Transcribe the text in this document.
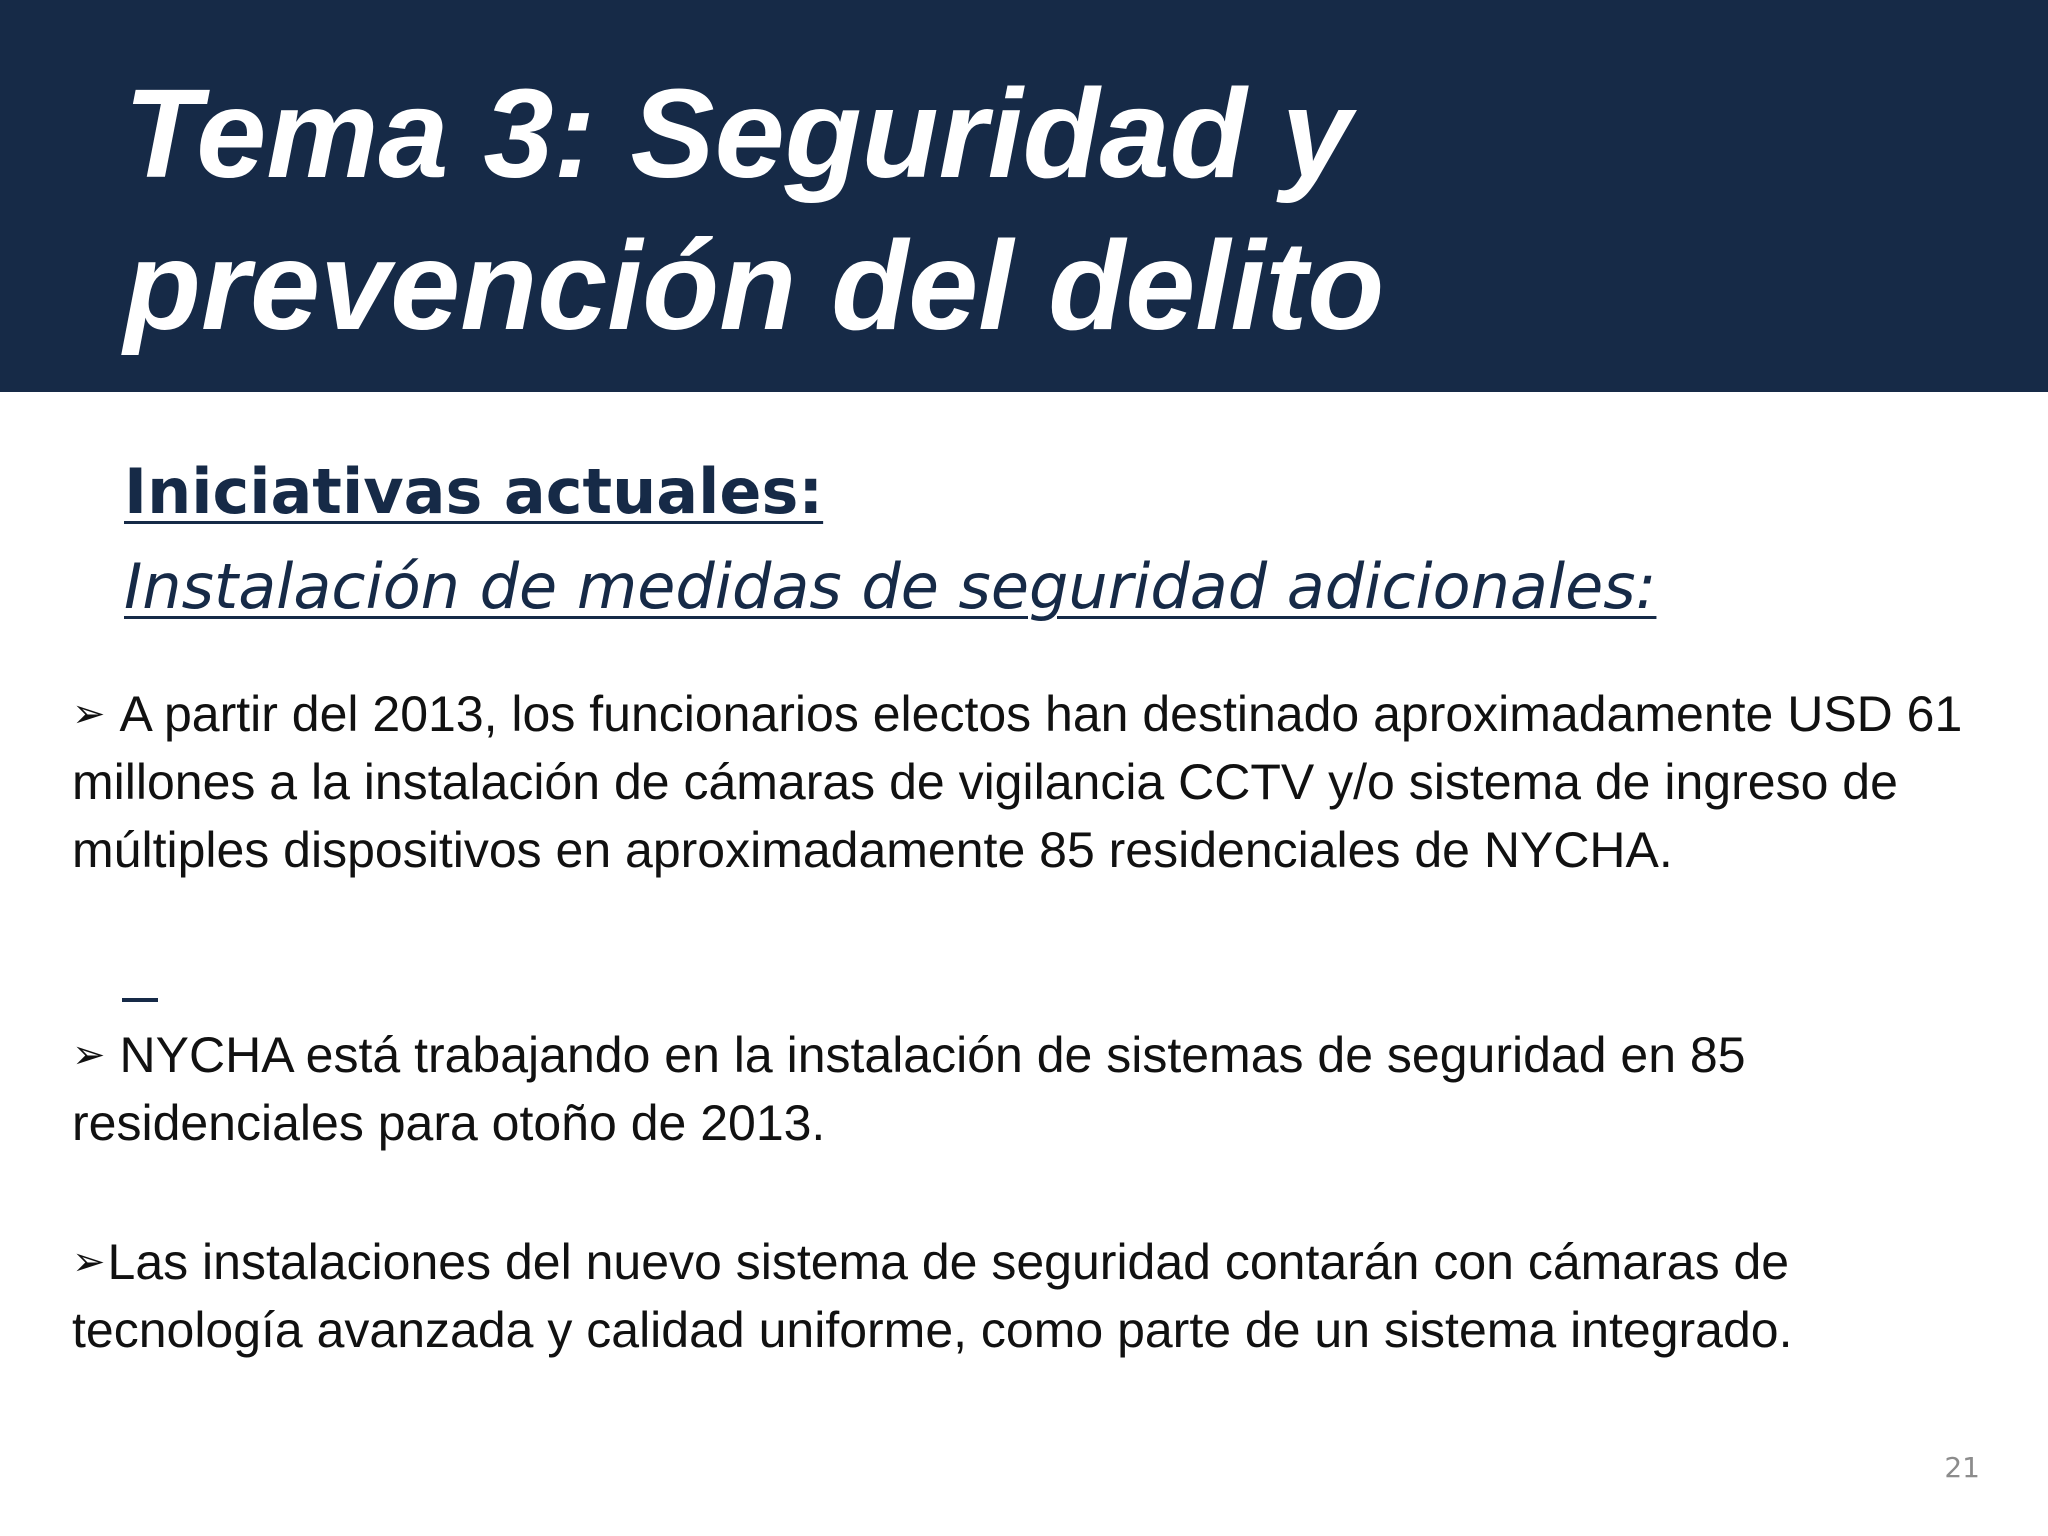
Tema 3: Seguridad y
prevención del delito
Iniciativas actuales:
Instalación de medidas de seguridad adicionales:

➢ A partir del 2013, los funcionarios electos han destinado aproximadamente USD 61 millones a la instalación de cámaras de vigilancia CCTV y/o sistema de ingreso de múltiples dispositivos en aproximadamente 85 residenciales de NYCHA.

➢ NYCHA está trabajando en la instalación de sistemas de seguridad en 85 residenciales para otoño de 2013.

➢Las instalaciones del nuevo sistema de seguridad contarán con cámaras de tecnología avanzada y calidad uniforme, como parte de un sistema integrado.

21
